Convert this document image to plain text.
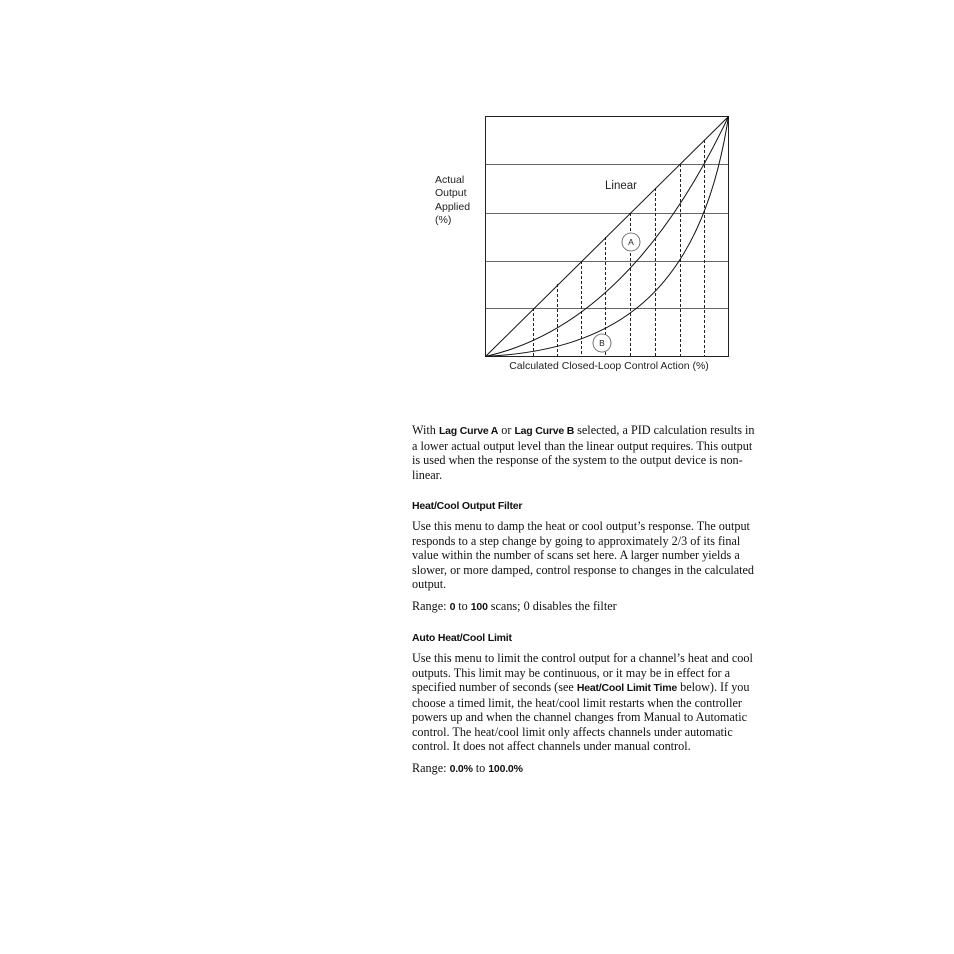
Linear
A
B
Calculated Closed-Loop Control Action (%)
Actual
Output
Applied
(%)

With Lag Curve A or Lag Curve B selected, a PID calculation results in a lower actual output level than the linear output requires. This output is used when the response of the system to the output device is non-linear.

Heat/Cool Output Filter

Use this menu to damp the heat or cool output’s response. The output responds to a step change by going to approximately 2/3 of its final value within the number of scans set here. A larger number yields a slower, or more damped, control response to changes in the calculated output.

Range: 0 to 100 scans; 0 disables the filter

Auto Heat/Cool Limit

Use this menu to limit the control output for a channel’s heat and cool outputs. This limit may be continuous, or it may be in effect for a specified number of seconds (see Heat/Cool Limit Time below). If you choose a timed limit, the heat/cool limit restarts when the controller powers up and when the channel changes from Manual to Automatic control. The heat/cool limit only affects channels under automatic control. It does not affect channels under manual control.

Range: 0.0% to 100.0%
